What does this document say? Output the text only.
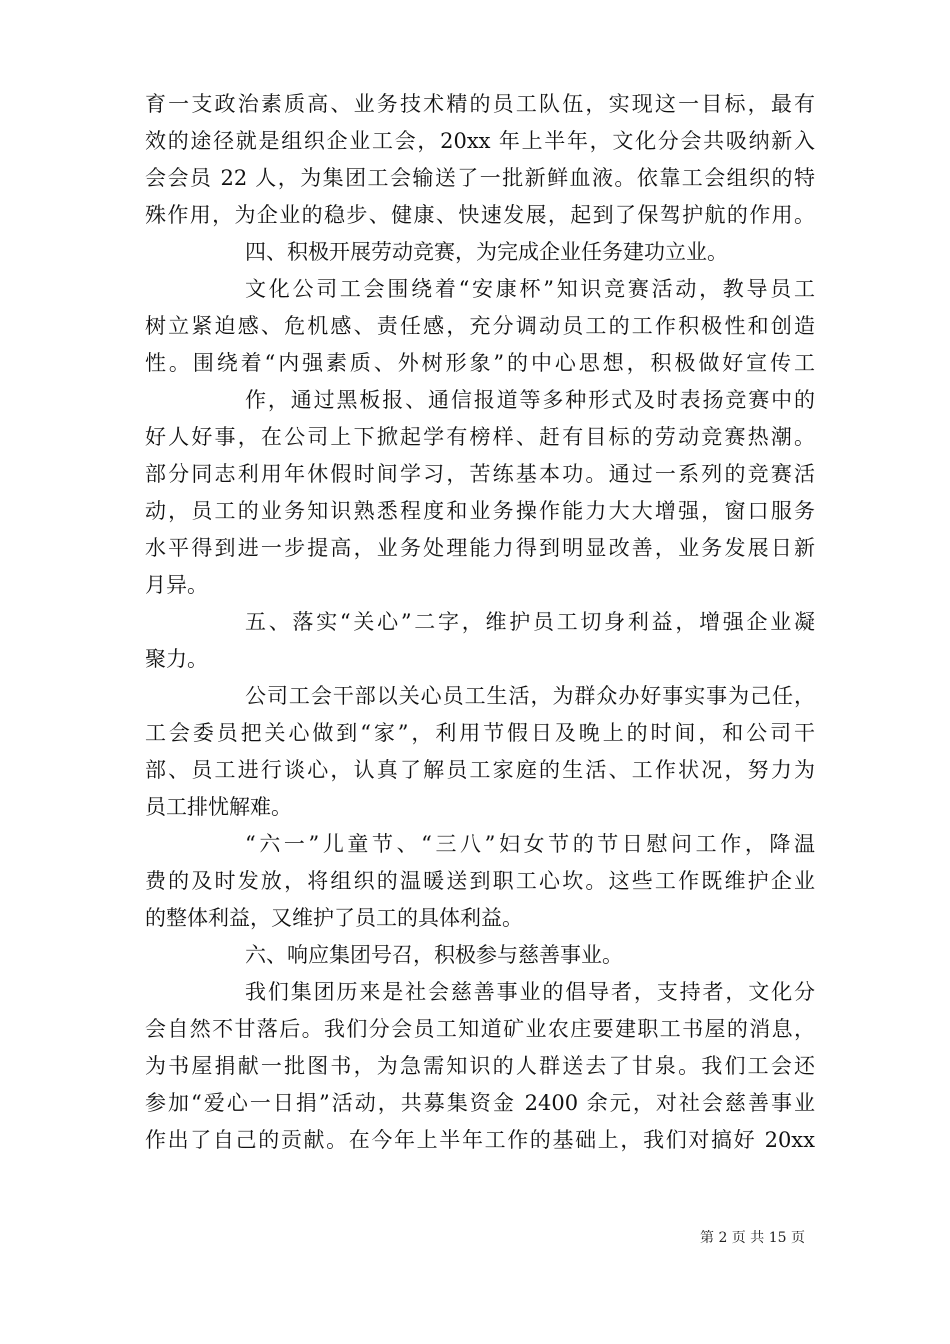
育一支政治素质高、业务技术精的员工队伍，实现这一目标，最有
效的途径就是组织企业工会，20xx 年上半年，文化分会共吸纳新入
会会员 22 人，为集团工会输送了一批新鲜血液。依靠工会组织的特
殊作用，为企业的稳步、健康、快速发展，起到了保驾护航的作用。
四、积极开展劳动竞赛，为完成企业任务建功立业。
文化公司工会围绕着“安康杯”知识竞赛活动，教导员工
树立紧迫感、危机感、责任感，充分调动员工的工作积极性和创造
性。围绕着“内强素质、外树形象”的中心思想，积极做好宣传工
作，通过黑板报、通信报道等多种形式及时表扬竞赛中的
好人好事，在公司上下掀起学有榜样、赶有目标的劳动竞赛热潮。
部分同志利用年休假时间学习，苦练基本功。通过一系列的竞赛活
动，员工的业务知识熟悉程度和业务操作能力大大增强，窗口服务
水平得到进一步提高，业务处理能力得到明显改善，业务发展日新
月异。
五、落实“关心”二字，维护员工切身利益，增强企业凝
聚力。
公司工会干部以关心员工生活，为群众办好事实事为己任，
工会委员把关心做到“家”，利用节假日及晚上的时间，和公司干
部、员工进行谈心，认真了解员工家庭的生活、工作状况，努力为
员工排忧解难。
“六一”儿童节、“三八”妇女节的节日慰问工作，降温
费的及时发放，将组织的温暖送到职工心坎。这些工作既维护企业
的整体利益，又维护了员工的具体利益。
六、响应集团号召，积极参与慈善事业。
我们集团历来是社会慈善事业的倡导者，支持者，文化分
会自然不甘落后。我们分会员工知道矿业农庄要建职工书屋的消息，
为书屋捐献一批图书，为急需知识的人群送去了甘泉。我们工会还
参加“爱心一日捐”活动，共募集资金 2400 余元，对社会慈善事业
作出了自己的贡献。在今年上半年工作的基础上，我们对搞好 20xx
第 2 页 共 15 页
